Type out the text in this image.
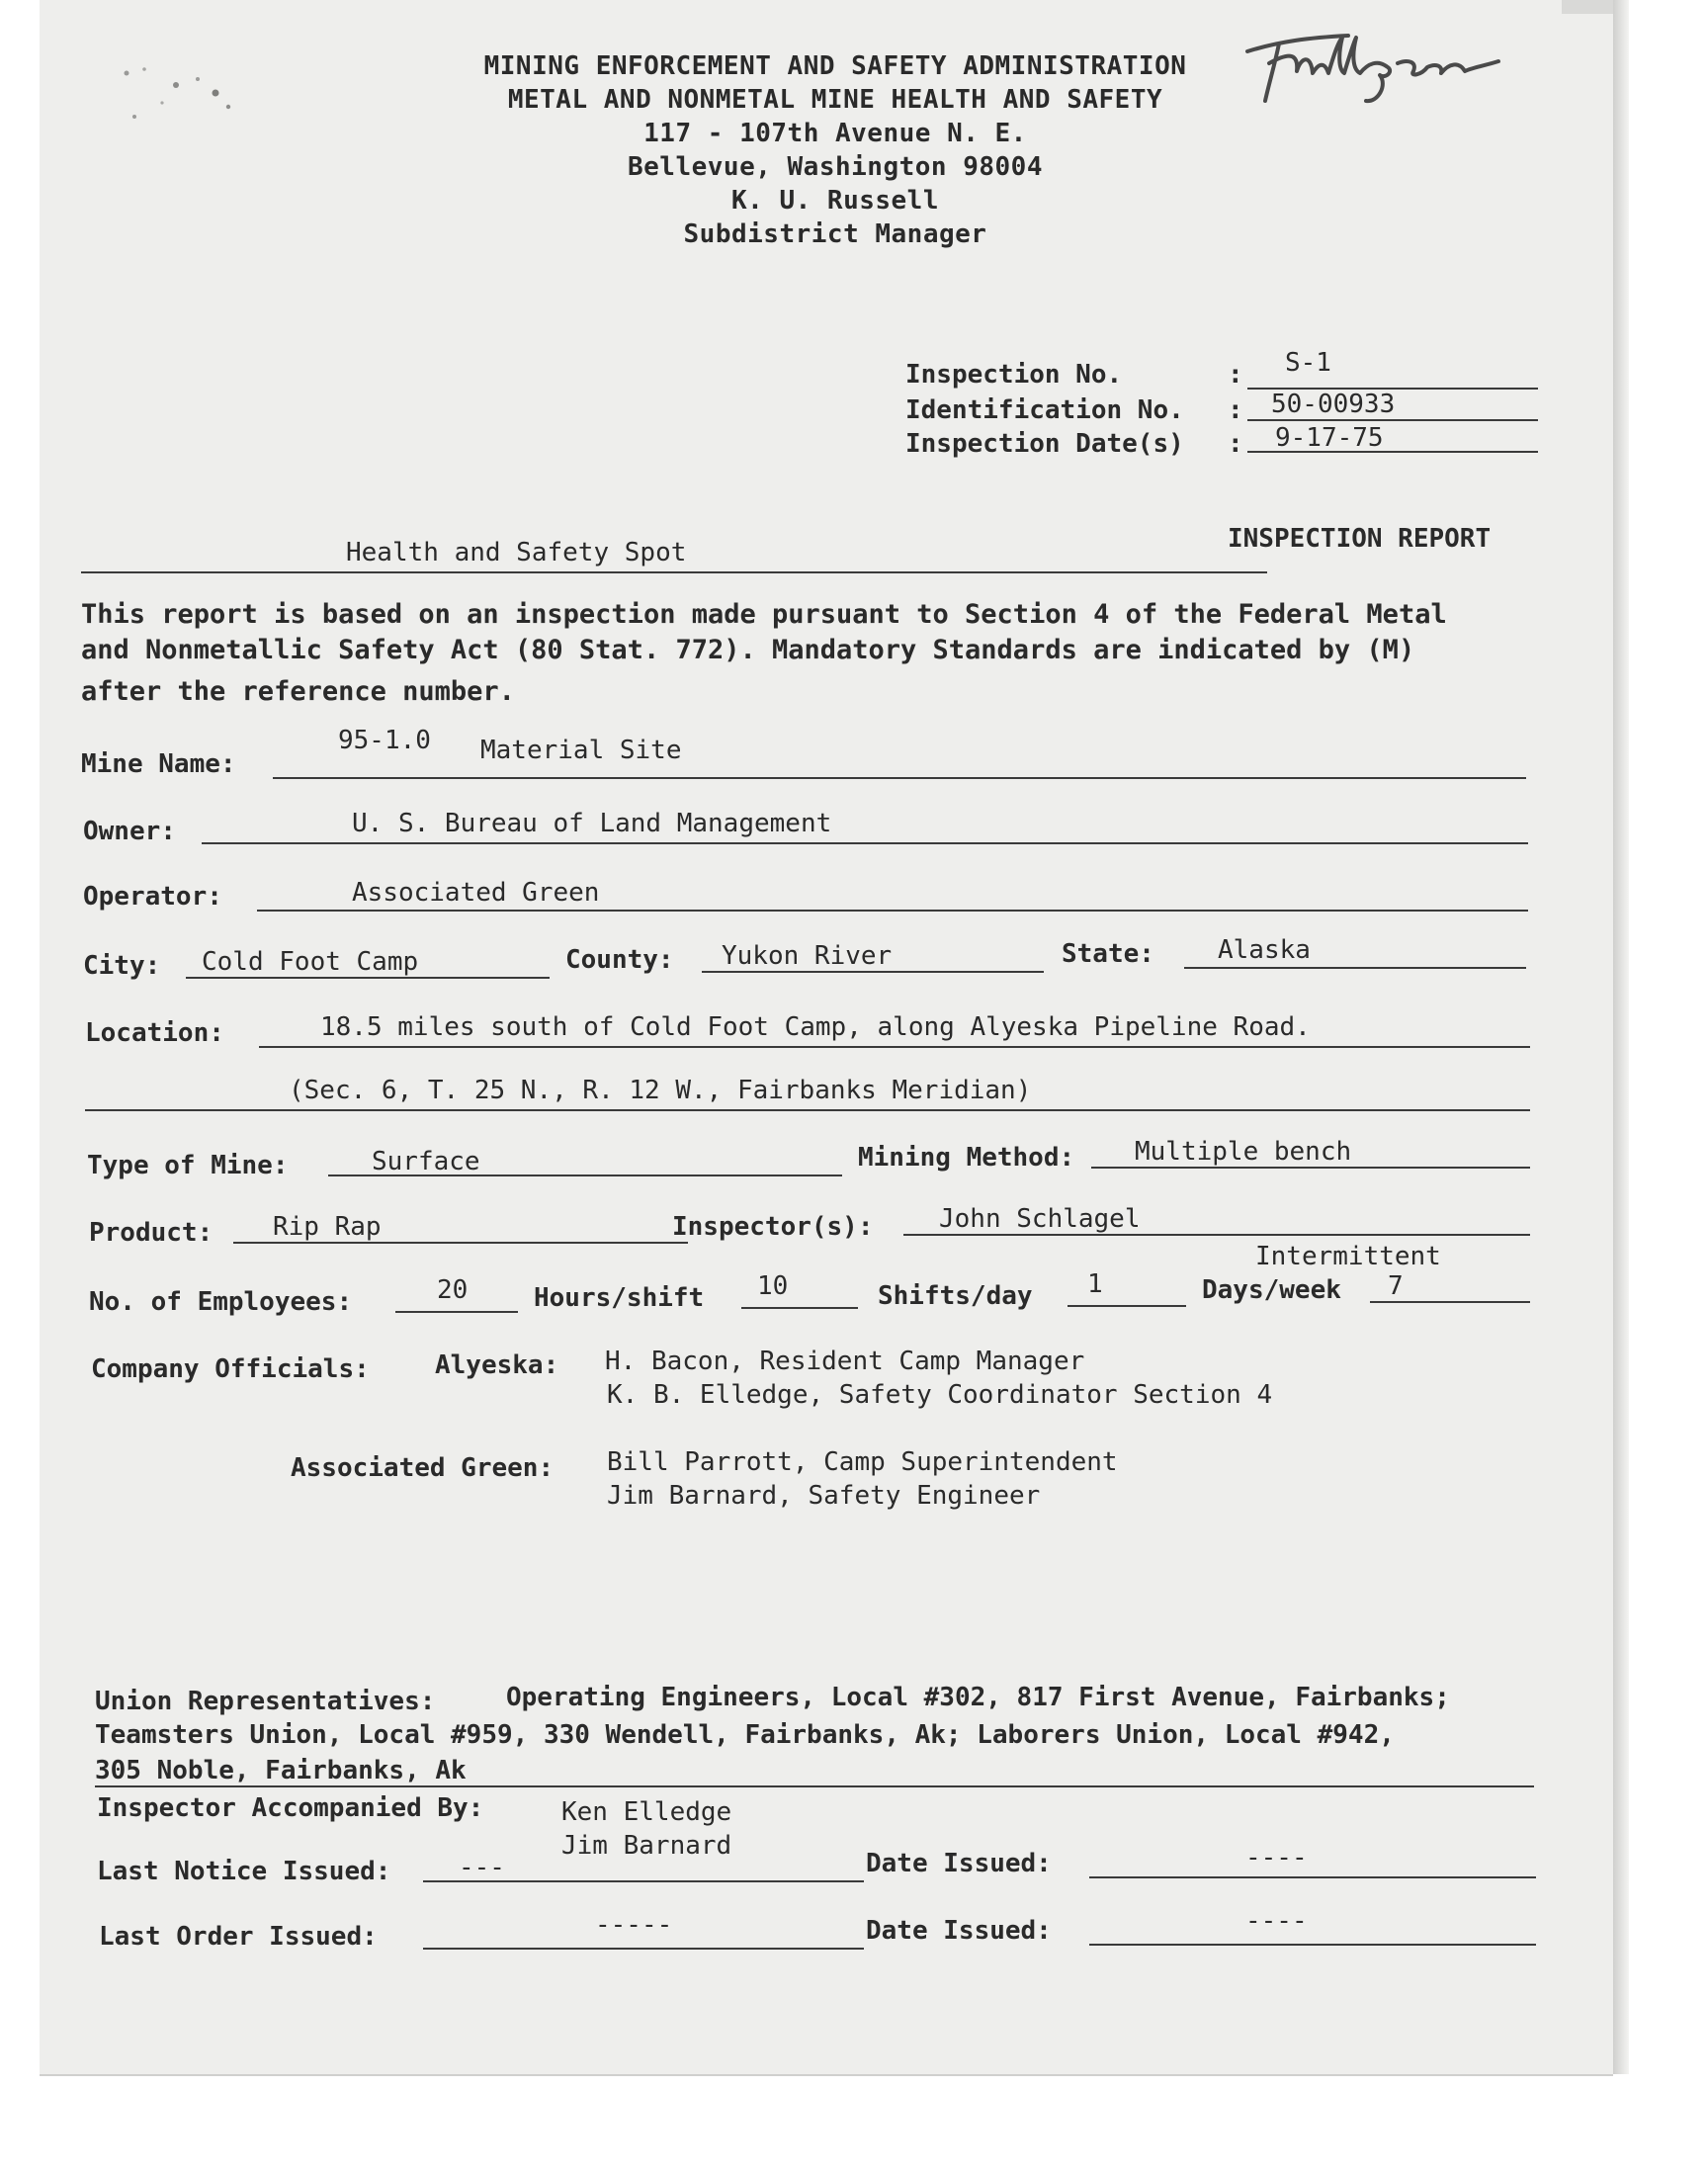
MINING ENFORCEMENT AND SAFETY ADMINISTRATION
METAL AND NONMETAL MINE HEALTH AND SAFETY
117 - 107th Avenue N. E.
Bellevue, Washington 98004
K. U. Russell
Subdistrict Manager
Inspection No.	: S-1
Identification No. : 50-00933
Inspection Date(s) : 9-17-75
Health and Safety Spot	INSPECTION REPORT
This report is based on an inspection made pursuant to Section 4 of the Federal Metal
and Nonmetallic Safety Act (80 Stat. 772). Mandatory Standards are indicated by (M)
after the reference number.
Mine Name:
95-1.0 Material Site
Owner:	U. S. Bureau of Land Management
Operator:	Associated Green
City: Cold Foot Camp	County: Yukon River	State: Alaska
Location:	18.5 miles south of Cold Foot Camp, along Alyeska Pipeline Road.
(Sec. 6, T. 25 N., R. 12 W., Fairbanks Meridian)
Type of Mine:	Surface	Mining Method: Multiple bench
Product: Rip Rap	Inspector(s):	John Schlagel
Intermittent
No. of Employees:	20	Hours/shift 10	Shifts/day 1	Days/week 7
Company Officials:	Alyeska: H. Bacon, Resident Camp Manager
K. B. Elledge, Safety Coordinator Section 4
Associated Green: Bill Parrott, Camp Superintendent
Jim Barnard, Safety Engineer
Union Representatives:	Operating Engineers, Local #302, 817 First Avenue, Fairbanks;
Teamsters Union, Local #959, 330 Wendell, Fairbanks, Ak; Laborers Union, Local #942,
305 Noble, Fairbanks, Ak
Inspector Accompanied By:	Ken Elledge
Jim Barnard
Last Notice Issued:	---	Date Issued:	----
Last Order Issued:	-----	Date Issued:	----
